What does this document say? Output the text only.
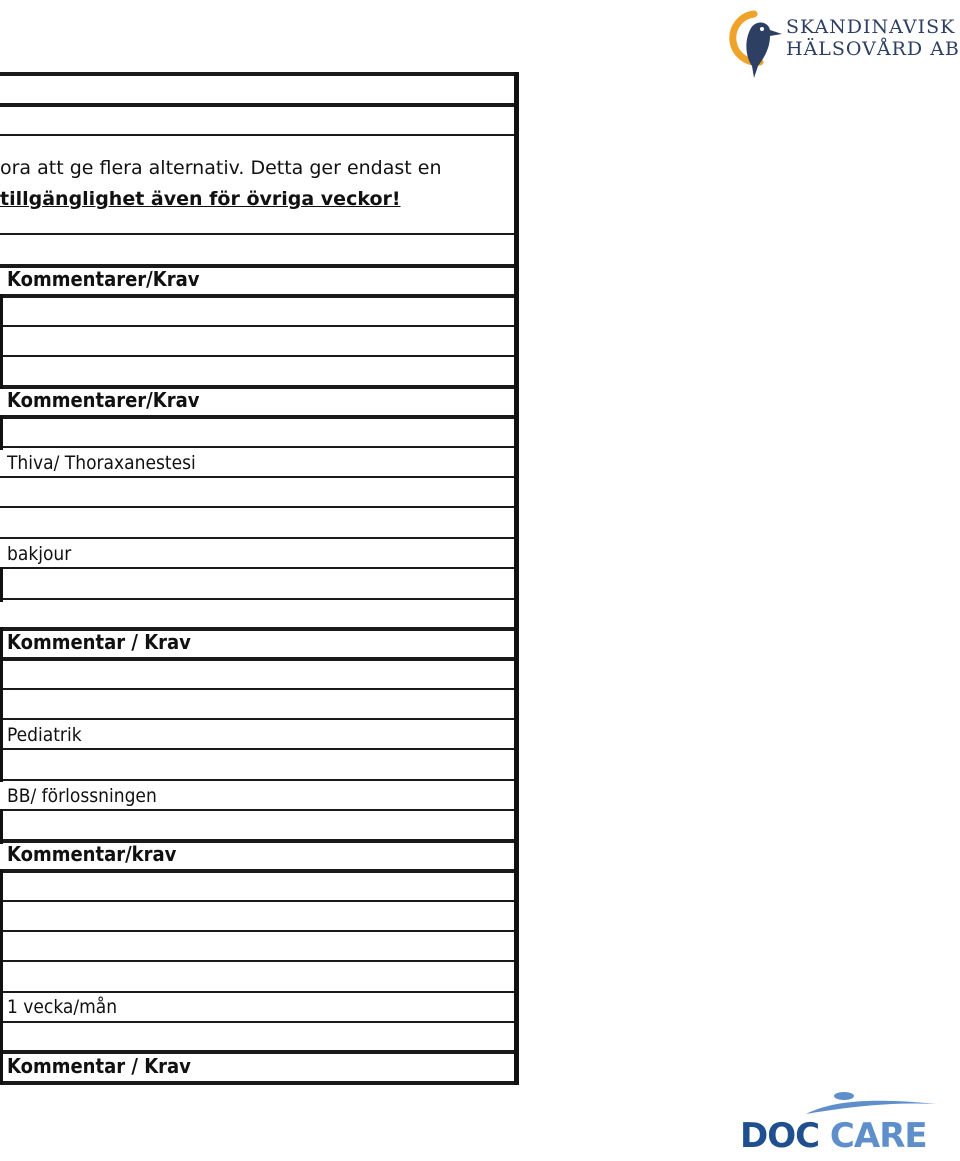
ora att ge flera alternativ. Detta ger endast en
tillgänglighet även för övriga veckor!
Kommentarer/Krav
Kommentarer/Krav
Thiva/ Thoraxanestesi
bakjour
Kommentar / Krav
Pediatrik
BB/ förlossningen
Kommentar/krav
1 vecka/mån
Kommentar / Krav
SKANDINAVISK
HÄLSOVÅRD AB
DOC CARE
